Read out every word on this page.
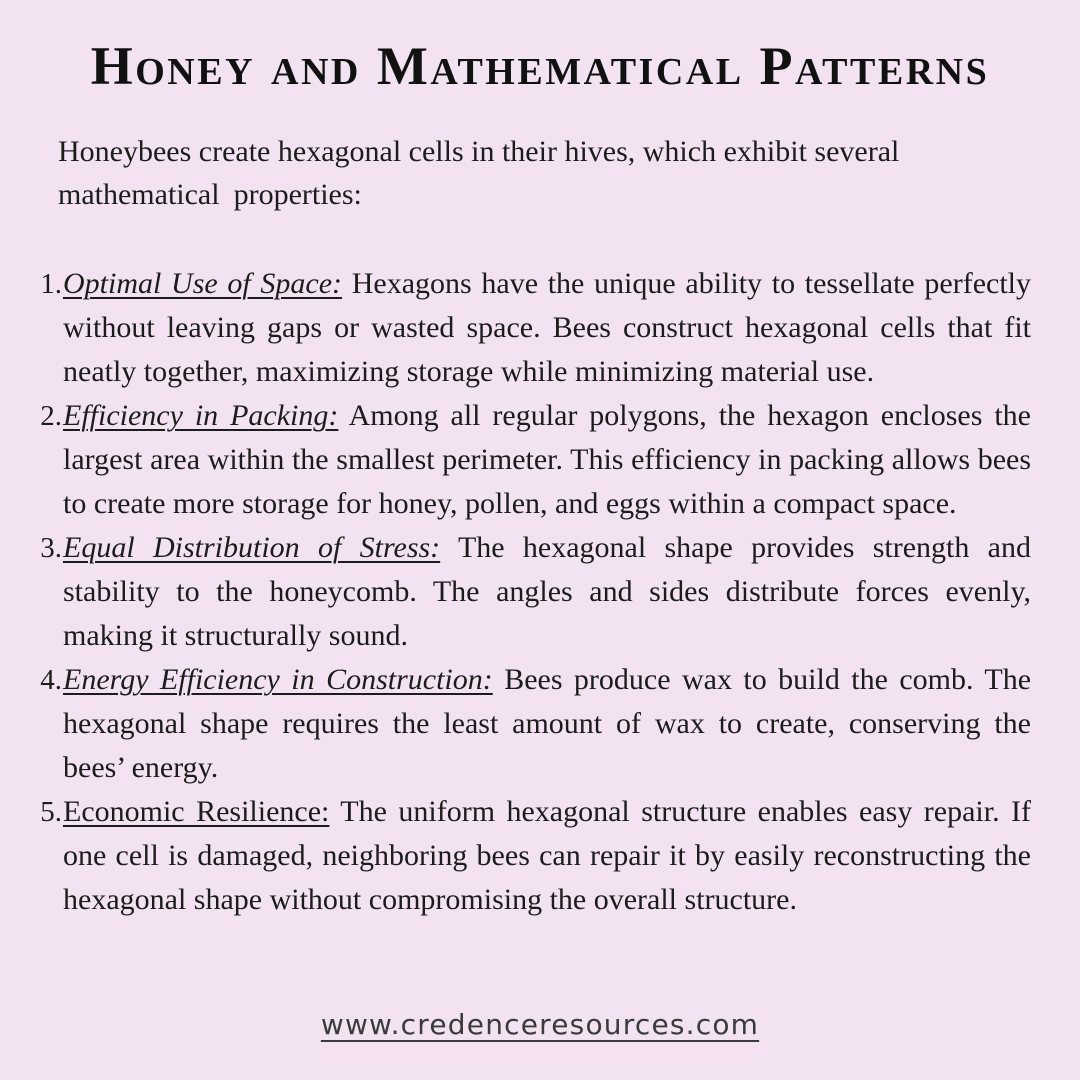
Honey and Mathematical Patterns
Honeybees create hexagonal cells in their hives, which exhibit several
mathematical properties:
1. Optimal Use of Space: Hexagons have the unique ability to tessellate perfectly without leaving gaps or wasted space. Bees construct hexagonal cells that fit neatly together, maximizing storage while minimizing material use.
2. Efficiency in Packing: Among all regular polygons, the hexagon encloses the largest area within the smallest perimeter. This efficiency in packing allows bees to create more storage for honey, pollen, and eggs within a compact space.
3. Equal Distribution of Stress: The hexagonal shape provides strength and stability to the honeycomb. The angles and sides distribute forces evenly, making it structurally sound.
4. Energy Efficiency in Construction: Bees produce wax to build the comb. The hexagonal shape requires the least amount of wax to create, conserving the bees’ energy.
5. Economic Resilience: The uniform hexagonal structure enables easy repair. If one cell is damaged, neighboring bees can repair it by easily reconstructing the hexagonal shape without compromising the overall structure.
www.credenceresources.com
